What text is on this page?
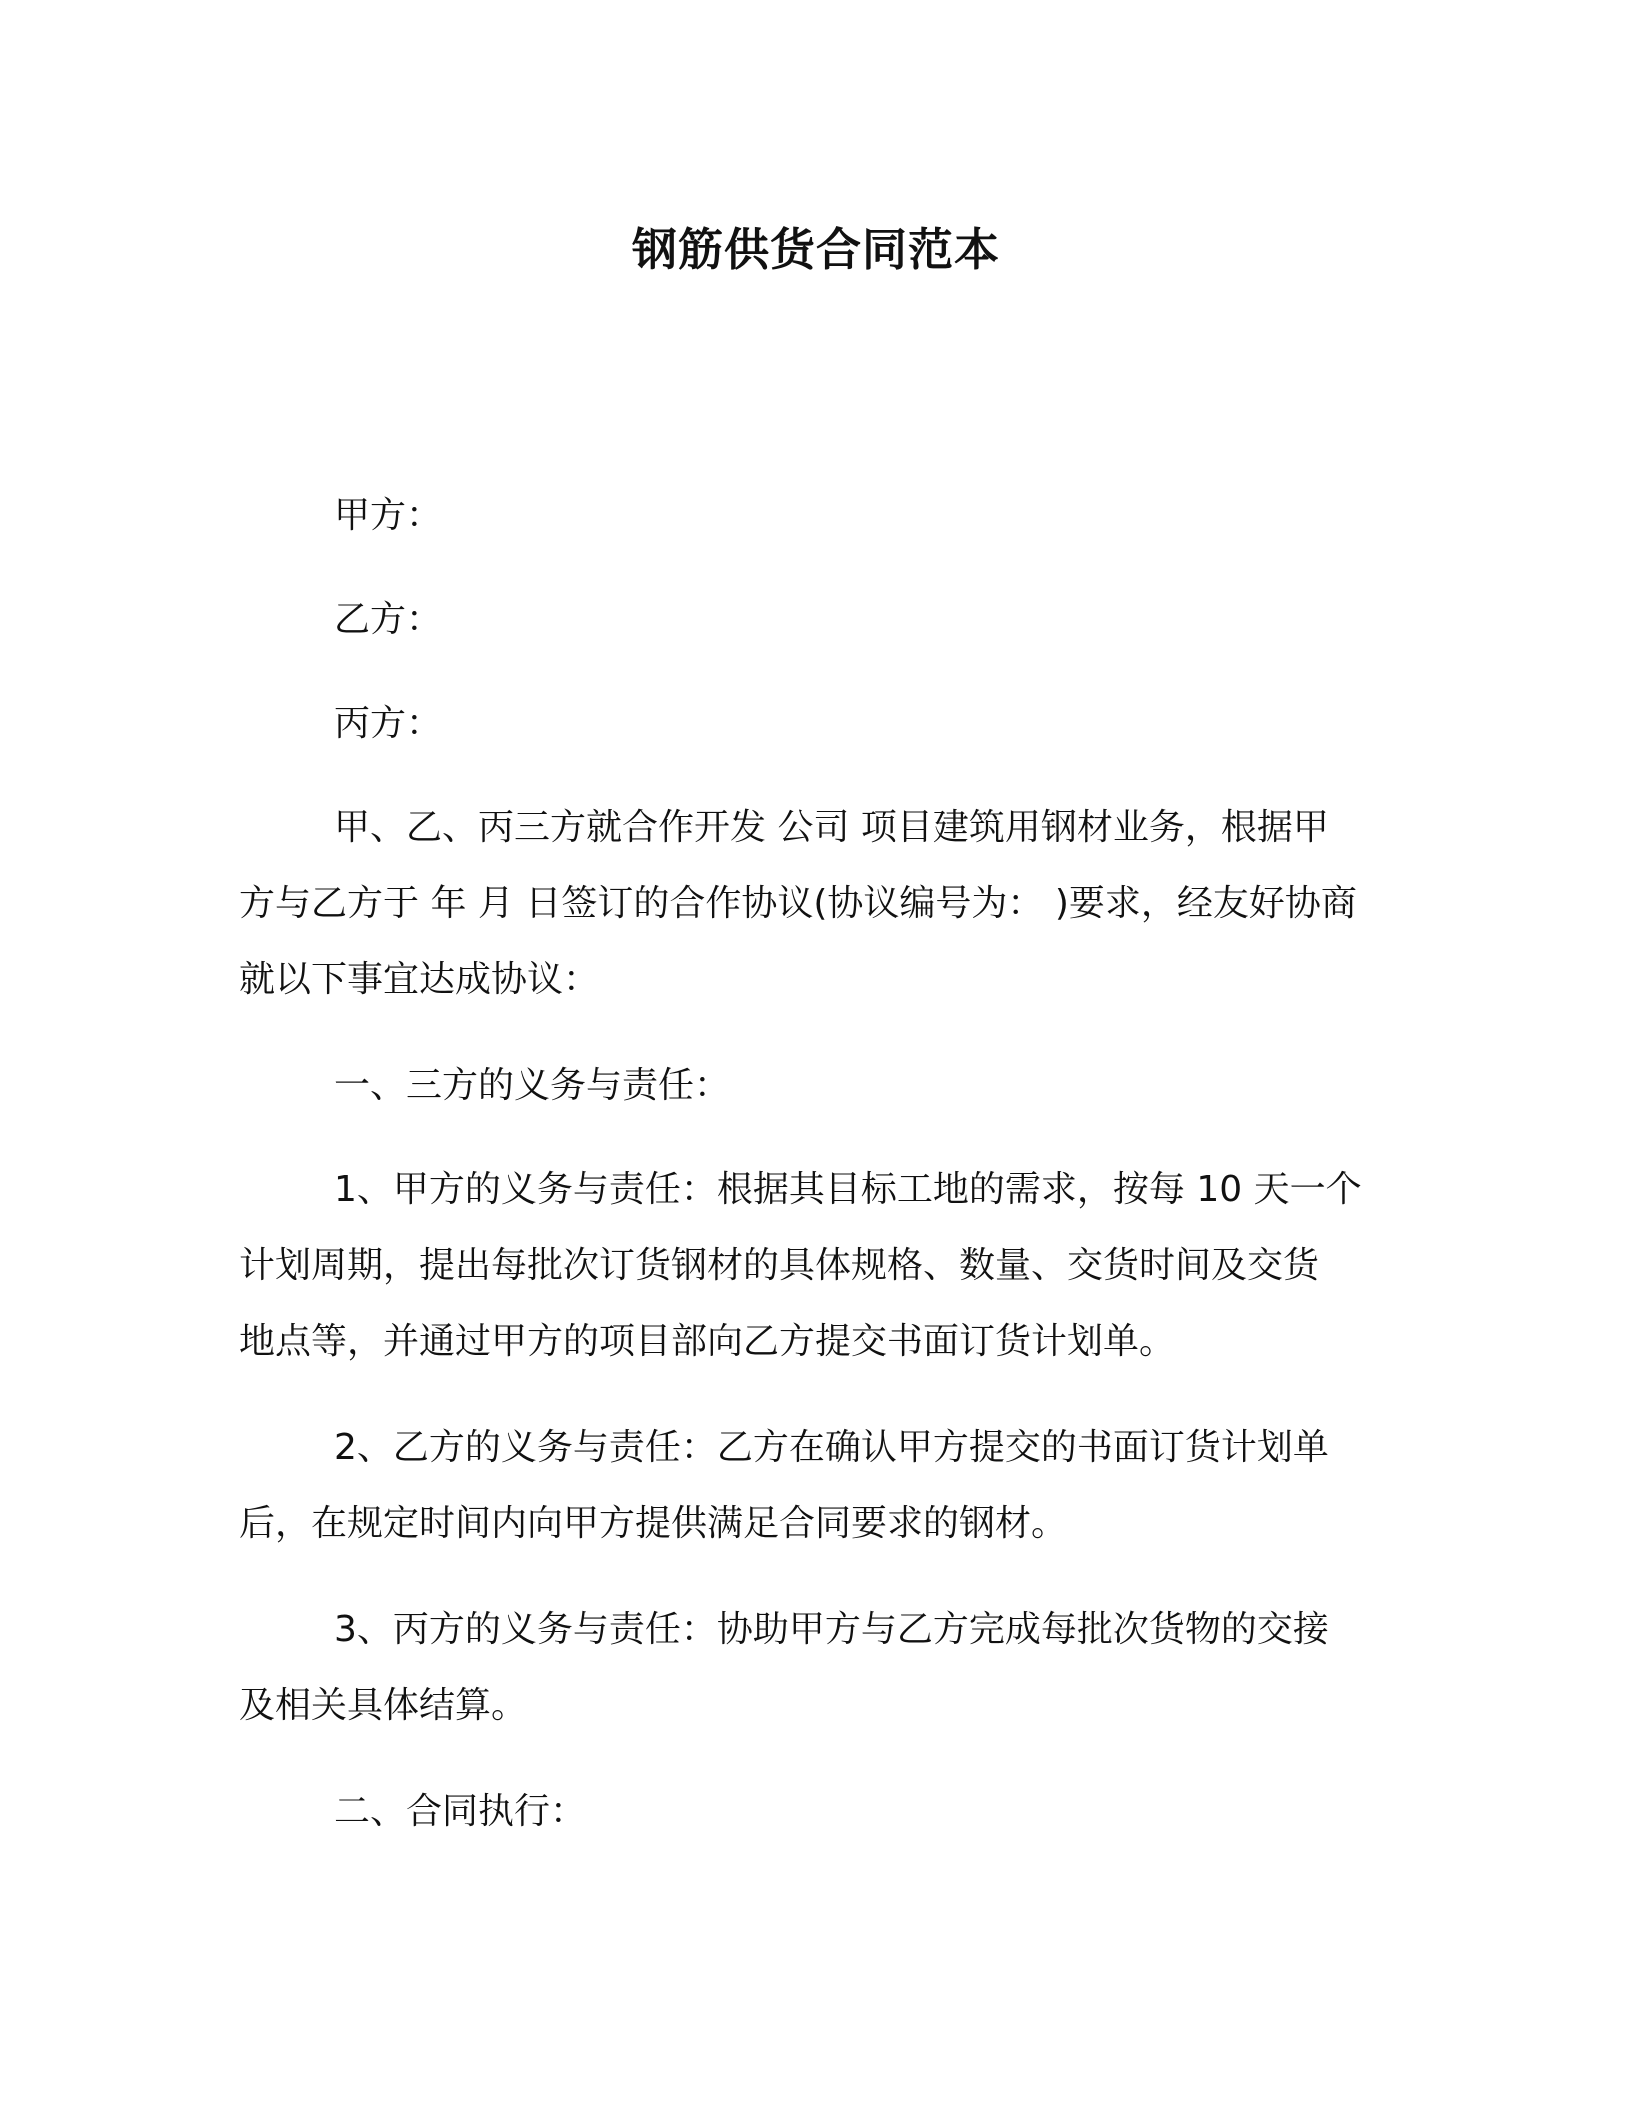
钢筋供货合同范本
甲方：
乙方：
丙方：
甲、乙、丙三方就合作开发 公司 项目建筑用钢材业务，根据甲
方与乙方于 年 月 日签订的合作协议(协议编号为： )要求，经友好协商
就以下事宜达成协议：
一、三方的义务与责任：
1、甲方的义务与责任：根据其目标工地的需求，按每 10 天一个
计划周期，提出每批次订货钢材的具体规格、数量、交货时间及交货
地点等，并通过甲方的项目部向乙方提交书面订货计划单。
2、乙方的义务与责任：乙方在确认甲方提交的书面订货计划单
后，在规定时间内向甲方提供满足合同要求的钢材。
3、丙方的义务与责任：协助甲方与乙方完成每批次货物的交接
及相关具体结算。
二、合同执行：
